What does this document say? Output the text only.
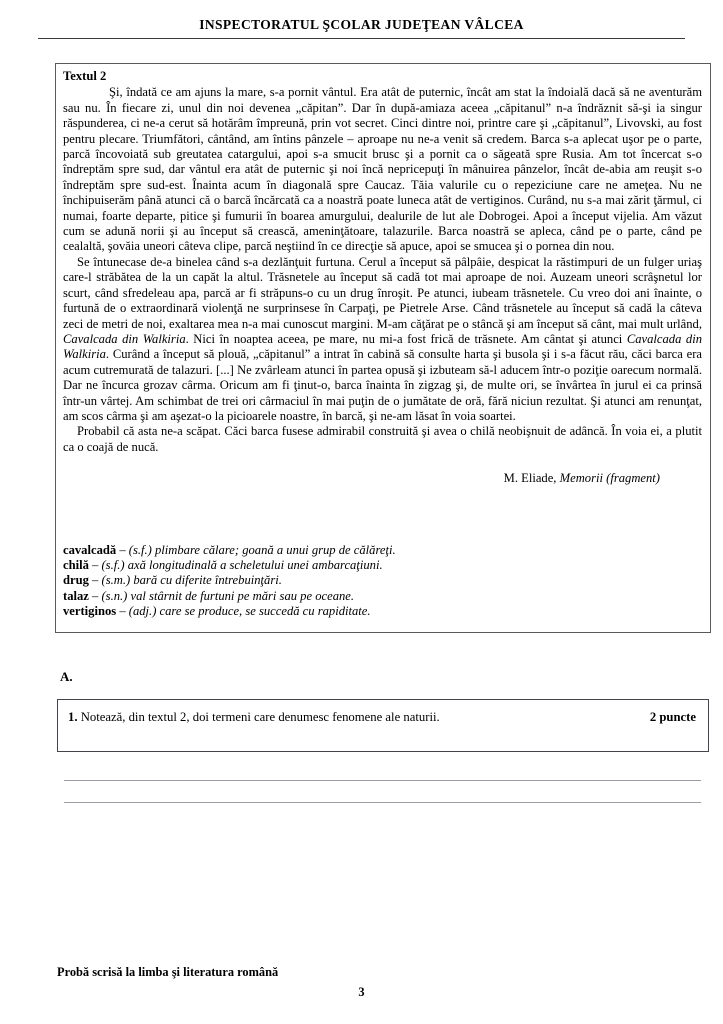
INSPECTORATUL ŞCOLAR JUDEŢEAN VÂLCEA
Textul 2

Şi, îndată ce am ajuns la mare, s-a pornit vântul. Era atât de puternic, încât am stat la îndoială dacă să ne aventurăm sau nu. În fiecare zi, unul din noi devenea „căpitan”. Dar în după-amiaza aceea „căpitanul” n-a îndrăznit să-şi ia singur răspunderea, ci ne-a cerut să hotărâm împreună, prin vot secret. Cinci dintre noi, printre care şi „căpitanul”, Livovski, au fost pentru plecare. Triumfători, cântând, am întins pânzele – aproape nu ne-a venit să credem. Barca s-a aplecat uşor pe o parte, parcă încovoiată sub greutatea catargului, apoi s-a smucit brusc şi a pornit ca o săgeată spre Rusia. Am tot încercat s-o îndreptăm spre sud, dar vântul era atât de puternic şi noi încă nepricepuţi în mânuirea pânzelor, încât de-abia am reuşit s-o îndreptăm spre sud-est. Înainta acum în diagonală spre Caucaz. Tăia valurile cu o repeziciune care ne ameţea. Nu ne închipuiserăm până atunci că o barcă încărcată ca a noastră poate luneca atât de vertiginos. Curând, nu s-a mai zărit ţărmul, ci numai, foarte departe, pitice şi fumurii în boarea amurgului, dealurile de lut ale Dobrogei. Apoi a început vijelia. Am văzut cum se adună norii şi au început să crească, ameninţătoare, talazurile. Barca noastră se apleca, când pe o parte, când pe cealaltă, şovăia uneori câteva clipe, parcă neştiind în ce direcţie să apuce, apoi se smucea şi o pornea din nou.

Se întunecase de-a binelea când s-a dezlănţuit furtuna. Cerul a început să pâlpâie, despicat la răstimpuri de un fulger uriaş care-l străbătea de la un capăt la altul. Trăsnetele au început să cadă tot mai aproape de noi. Auzeam uneori scrâşnetul lor scurt, când sfredeleau apa, parcă ar fi străpuns-o cu un drug înroşit. Pe atunci, iubeam trăsnetele. Cu vreo doi ani înainte, o furtună de o extraordinară violenţă ne surprinsese în Carpaţi, pe Pietrele Arse. Când trăsnetele au început să cadă la câteva zeci de metri de noi, exaltarea mea n-a mai cunoscut margini. M-am căţărat pe o stâncă şi am început să cânt, mai mult urlând, Cavalcada din Walkiria. Nici în noaptea aceea, pe mare, nu mi-a fost frică de trăsnete. Am cântat şi atunci Cavalcada din Walkiria. Curând a început să plouă, „căpitanul” a intrat în cabină să consulte harta şi busola şi i s-a făcut rău, căci barca era acum cutremurată de talazuri. [...] Ne zvârleam atunci în partea opusă şi izbuteam să-l aducem într-o poziţie oarecum normală. Dar ne încurca grozav cârma. Oricum am fi ţinut-o, barca înainta în zigzag şi, de multe ori, se învârtea în jurul ei ca prinsă într-un vârtej. Am schimbat de trei ori cârmaciul în mai puţin de o jumătate de oră, fără niciun rezultat. Şi atunci am renunţat, am scos cârma şi am aşezat-o la picioarele noastre, în barcă, şi ne-am lăsat în voia soartei.

Probabil că asta ne-a scăpat. Căci barca fusese admirabil construită şi avea o chilă neobişnuit de adâncă. În voia ei, a plutit ca o coajă de nucă.

M. Eliade, Memorii (fragment)
cavalcadă – (s.f.) plimbare călare; goană a unui grup de călăreţi.
chilă – (s.f.) axă longitudinală a scheletului unei ambarcaţiuni.
drug – (s.m.) bară cu diferite întrebuinţări.
talaz – (s.n.) val stârnit de furtuni pe mări sau pe oceane.
vertiginos – (adj.) care se produce, se succedă cu rapiditate.
A.
1. Notează, din textul 2, doi termeni care denumesc fenomene ale naturii.	2 puncte
Probă scrisă la limba şi literatura română
3
